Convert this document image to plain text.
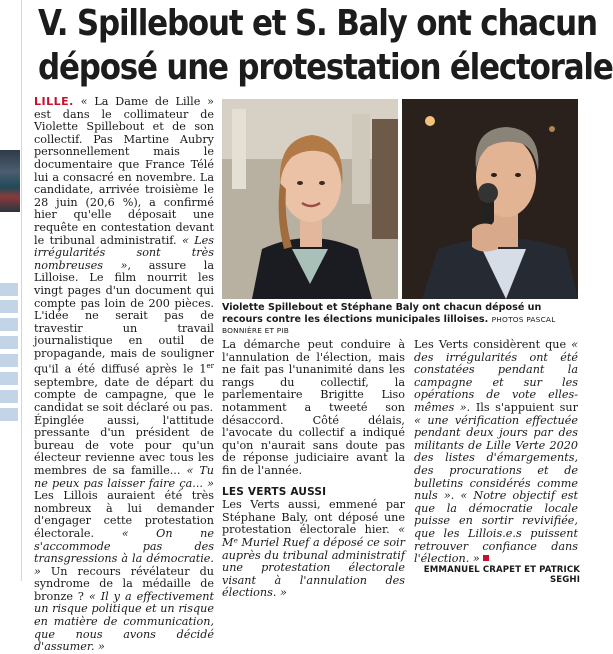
V. Spillebout et S. Baly ont chacun
déposé une protestation électorale

LILLE. « La Dame de Lille » est dans le collimateur de Violette Spillebout et de son collectif. Pas Martine Aubry personnellement mais le documentaire que France Télé lui a consacré en novembre. La candidate, arrivée troisième le 28 juin (20,6 %), a confirmé hier qu'elle déposait une requête en contestation devant le tribunal administratif. « Les irrégularités sont très nombreuses », assure la Lilloise. Le film nourrit les vingt pages d'un document qui compte pas loin de 200 pièces. L'idée ne serait pas de travestir un travail journalistique en outil de propagande, mais de souligner qu'il a été diffusé après le 1er septembre, date de départ du compte de campagne, que le candidat se soit déclaré ou pas.

Épinglée aussi, l'attitude pressante d'un président de bureau de vote pour qu'un électeur revienne avec tous les membres de sa famille... « Tu ne peux pas laisser faire ça... » Les Lillois auraient été très nombreux à lui demander d'engager cette protestation électorale. « On ne s'accommode pas des transgressions à la démocratie. » Un recours révélateur du syndrome de la médaille de bronze ? « Il y a effectivement un risque politique et un risque en matière de communication, que nous avons décidé d'assumer. »

Violette Spillebout et Stéphane Baly ont chacun déposé un recours contre les élections municipales lilloises. PHOTOS PASCAL BONNIÈRE ET PIB

La démarche peut conduire à l'annulation de l'élection, mais ne fait pas l'unanimité dans les rangs du collectif, la parlementaire Brigitte Liso notamment a tweeté son désaccord. Côté délais, l'avocate du collectif a indiqué qu'on n'aurait sans doute pas de réponse judiciaire avant la fin de l'année.

LES VERTS AUSSI

Les Verts aussi, emmené par Stéphane Baly, ont déposé une protestation électorale hier. « Mᵉ Muriel Ruef a déposé ce soir auprès du tribunal administratif une protestation électorale visant à l'annulation des élections. »

Les Verts considèrent que « des irrégularités ont été constatées pendant la campagne et sur les opérations de vote elles-mêmes ». Ils s'appuient sur « une vérification effectuée pendant deux jours par des militants de Lille Verte 2020 des listes d'émargements, des procurations et de bulletins considérés comme nuls ». « Notre objectif est que la démocratie locale puisse en sortir revivifiée, que les Lillois.e.s puissent retrouver confiance dans l'élection. »

EMMANUEL CRAPET ET PATRICK SEGHI
